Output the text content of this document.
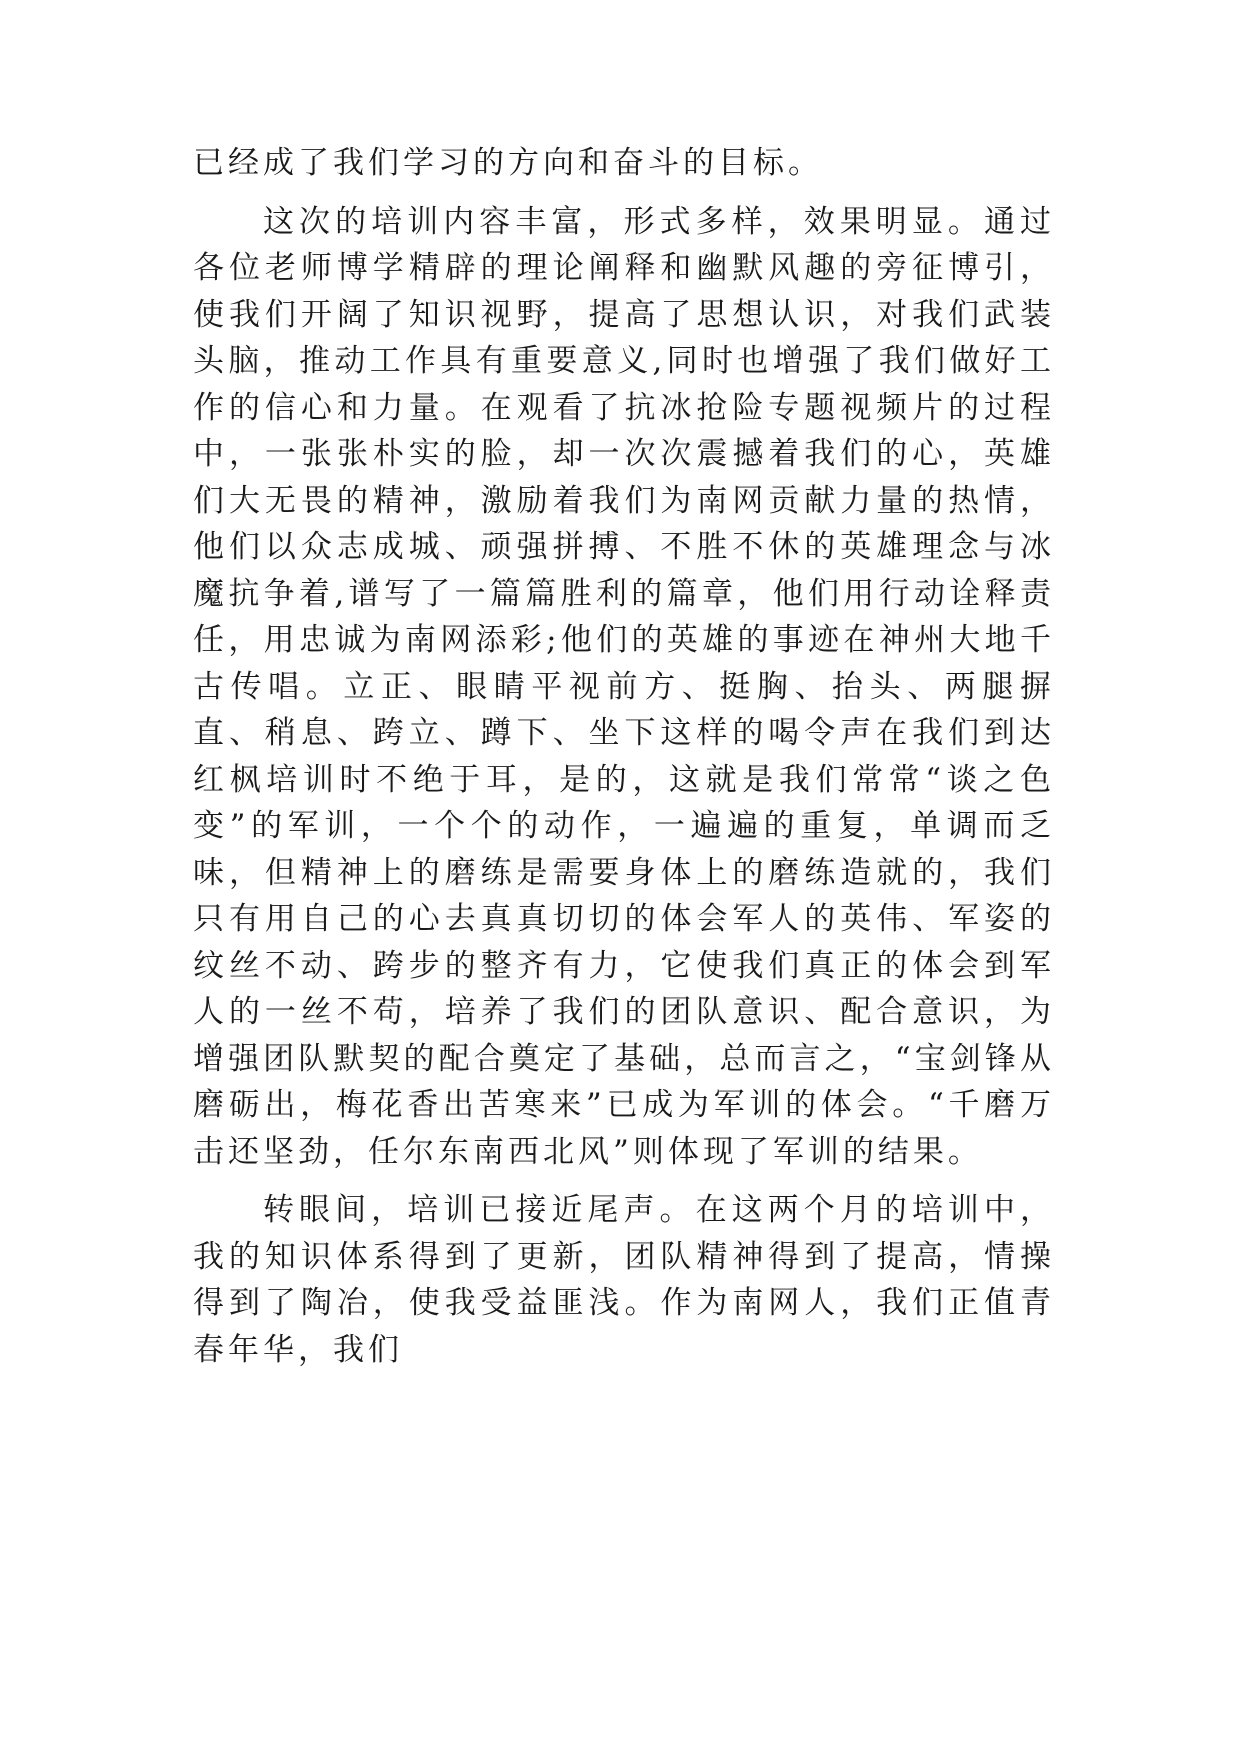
已经成了我们学习的方向和奋斗的目标。

这次的培训内容丰富，形式多样，效果明显。通过各位老师博学精辟的理论阐释和幽默风趣的旁征博引，使我们开阔了知识视野，提高了思想认识，对我们武装头脑，推动工作具有重要意义,同时也增强了我们做好工作的信心和力量。在观看了抗冰抢险专题视频片的过程中，一张张朴实的脸，却一次次震撼着我们的心，英雄们大无畏的精神，激励着我们为南网贡献力量的热情，他们以众志成城、顽强拼搏、不胜不休的英雄理念与冰魔抗争着,谱写了一篇篇胜利的篇章，他们用行动诠释责任，用忠诚为南网添彩;他们的英雄的事迹在神州大地千古传唱。立正、眼睛平视前方、挺胸、抬头、两腿摒直、稍息、跨立、蹲下、坐下这样的喝令声在我们到达红枫培训时不绝于耳，是的，这就是我们常常“谈之色变”的军训，一个个的动作，一遍遍的重复，单调而乏味，但精神上的磨练是需要身体上的磨练造就的，我们只有用自己的心去真真切切的体会军人的英伟、军姿的纹丝不动、跨步的整齐有力，它使我们真正的体会到军人的一丝不苟，培养了我们的团队意识、配合意识，为增强团队默契的配合奠定了基础，总而言之，“宝剑锋从磨砺出，梅花香出苦寒来”已成为军训的体会。“千磨万击还坚劲，任尔东南西北风”则体现了军训的结果。

转眼间，培训已接近尾声。在这两个月的培训中，我的知识体系得到了更新，团队精神得到了提高，情操得到了陶冶，使我受益匪浅。作为南网人，我们正值青春年华，我们
